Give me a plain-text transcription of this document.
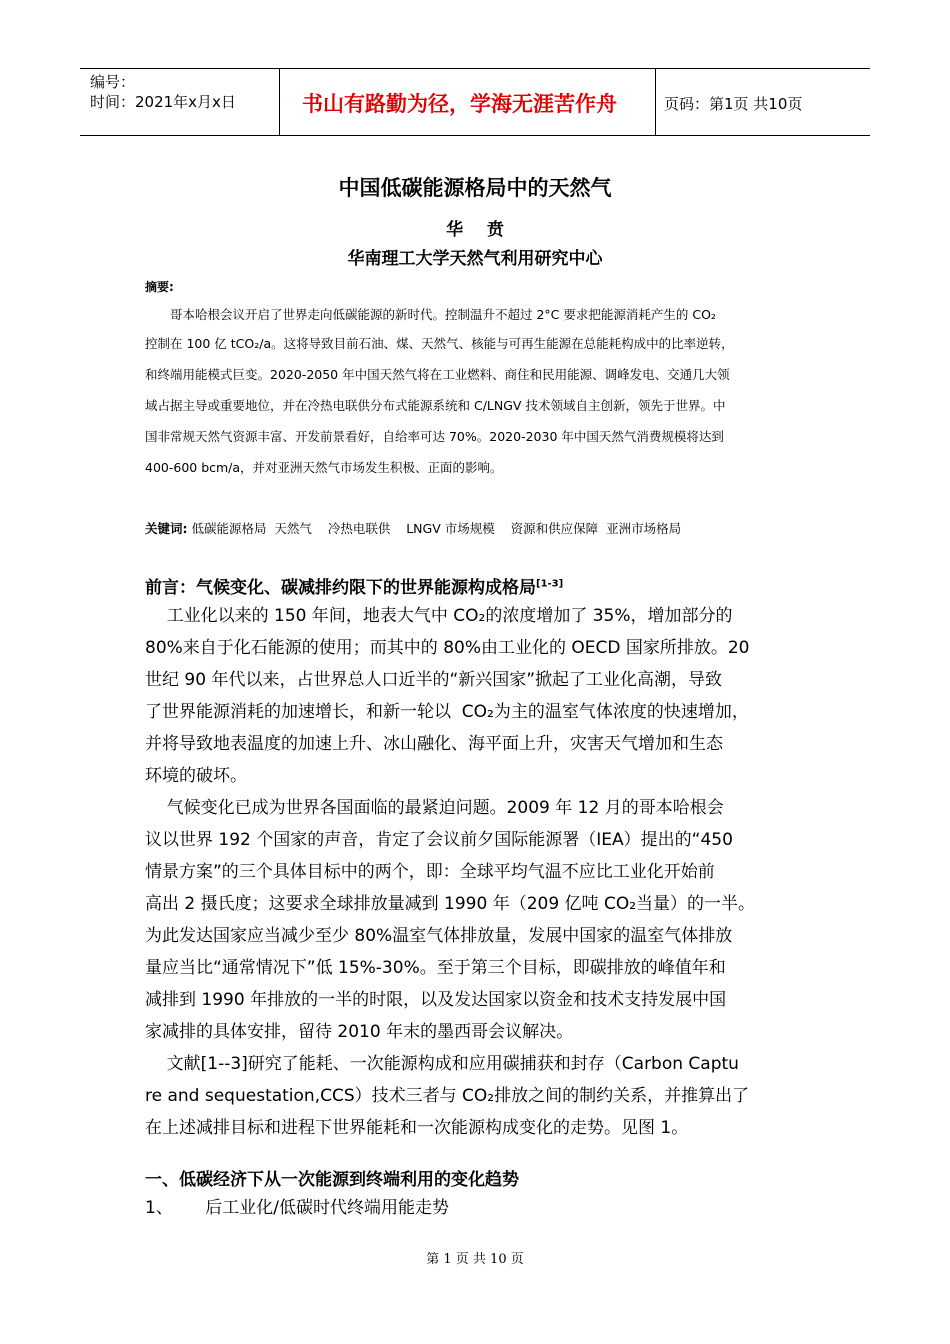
编号：
时间：2021年x月x日	书山有路勤为径，学海无涯苦作舟	页码：第1页 共10页
中国低碳能源格局中的天然气
华    贲
华南理工大学天然气利用研究中心
摘要:
哥本哈根会议开启了世界走向低碳能源的新时代。控制温升不超过 2°C 要求把能源消耗产生的 CO₂
控制在 100 亿 tCO₂/a。这将导致目前石油、煤、天然气、核能与可再生能源在总能耗构成中的比率逆转，
和终端用能模式巨变。2020-2050 年中国天然气将在工业燃料、商住和民用能源、调峰发电、交通几大领
域占据主导或重要地位，并在冷热电联供分布式能源系统和 C/LNGV 技术领域自主创新，领先于世界。中
国非常规天然气资源丰富、开发前景看好，自给率可达 70%。2020-2030 年中国天然气消费规模将达到
400-600 bcm/a，并对亚洲天然气市场发生积极、正面的影响。
关键词: 低碳能源格局  天然气    冷热电联供    LNGV 市场规模    资源和供应保障  亚洲市场格局
前言：气候变化、碳减排约限下的世界能源构成格局[1-3]
工业化以来的 150 年间，地表大气中 CO₂的浓度增加了 35%，增加部分的
80%来自于化石能源的使用；而其中的 80%由工业化的 OECD 国家所排放。20
世纪 90 年代以来，占世界总人口近半的“新兴国家”掀起了工业化高潮，导致
了世界能源消耗的加速增长，和新一轮以  CO₂为主的温室气体浓度的快速增加，
并将导致地表温度的加速上升、冰山融化、海平面上升，灾害天气增加和生态
环境的破坏。
气候变化已成为世界各国面临的最紧迫问题。2009 年 12 月的哥本哈根会
议以世界 192 个国家的声音，肯定了会议前夕国际能源署（IEA）提出的“450
情景方案”的三个具体目标中的两个，即：全球平均气温不应比工业化开始前
高出 2 摄氏度；这要求全球排放量减到 1990 年（209 亿吨 CO₂当量）的一半。
为此发达国家应当减少至少 80%温室气体排放量，发展中国家的温室气体排放
量应当比“通常情况下”低 15%-30%。至于第三个目标，即碳排放的峰值年和
减排到 1990 年排放的一半的时限，以及发达国家以资金和技术支持发展中国
家减排的具体安排，留待 2010 年末的墨西哥会议解决。
文献[1--3]研究了能耗、一次能源构成和应用碳捕获和封存（Carbon Captu
re and sequestation,CCS）技术三者与 CO₂排放之间的制约关系，并推算出了
在上述减排目标和进程下世界能耗和一次能源构成变化的走势。见图 1。
一、低碳经济下从一次能源到终端利用的变化趋势
1、      后工业化/低碳时代终端用能走势
第 1 页 共 10 页
